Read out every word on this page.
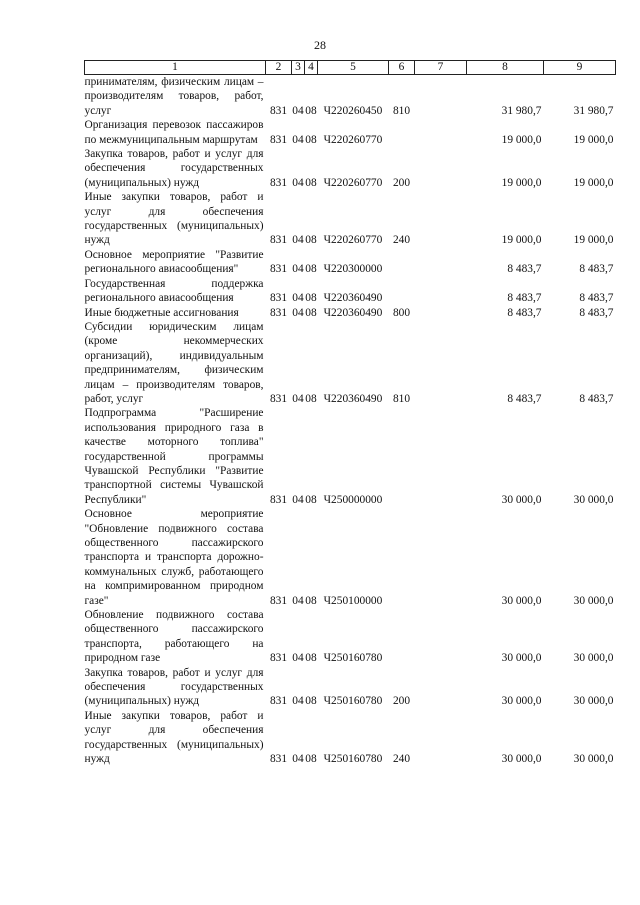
28
1	2	3	4	5	6	7	8	9
принимателям, физическим лицам – производителям товаров, работ, услуг	831	04	08	Ч220260450	810		31 980,7	31 980,7
Организация перевозок пассажиров по межмуниципальным маршрутам	831	04	08	Ч220260770			19 000,0	19 000,0
Закупка товаров, работ и услуг для обеспечения государственных (муниципальных) нужд	831	04	08	Ч220260770	200		19 000,0	19 000,0
Иные закупки товаров, работ и услуг для обеспечения государственных (муниципальных) нужд	831	04	08	Ч220260770	240		19 000,0	19 000,0
Основное мероприятие "Развитие регионального авиасообщения"	831	04	08	Ч220300000			8 483,7	8 483,7
Государственная поддержка регионального авиасообщения	831	04	08	Ч220360490			8 483,7	8 483,7
Иные бюджетные ассигнования	831	04	08	Ч220360490	800		8 483,7	8 483,7
Субсидии юридическим лицам (кроме некоммерческих организаций), индивидуальным предпринимателям, физическим лицам – производителям товаров, работ, услуг	831	04	08	Ч220360490	810		8 483,7	8 483,7
Подпрограмма "Расширение использования природного газа в качестве моторного топлива" государственной программы Чувашской Республики "Развитие транспортной системы Чувашской Республики"	831	04	08	Ч250000000			30 000,0	30 000,0
Основное мероприятие "Обновление подвижного состава общественного пассажирского транспорта и транспорта дорожно-коммунальных служб, работающего на компримированном природном газе"	831	04	08	Ч250100000			30 000,0	30 000,0
Обновление подвижного состава общественного пассажирского транспорта, работающего на природном газе	831	04	08	Ч250160780			30 000,0	30 000,0
Закупка товаров, работ и услуг для обеспечения государственных (муниципальных) нужд	831	04	08	Ч250160780	200		30 000,0	30 000,0
Иные закупки товаров, работ и услуг для обеспечения государственных (муниципальных) нужд	831	04	08	Ч250160780	240		30 000,0	30 000,0
